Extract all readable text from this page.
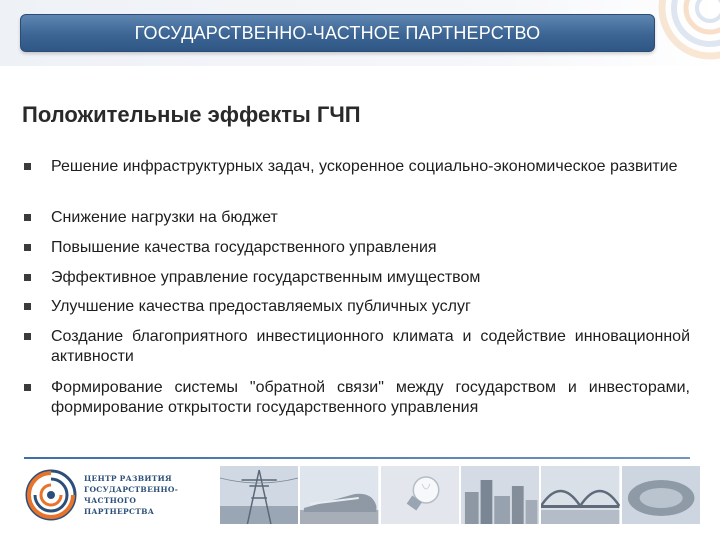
ГОСУДАРСТВЕННО-ЧАСТНОЕ ПАРТНЕРСТВО
Положительные эффекты ГЧП
Решение инфраструктурных задач, ускоренное социально-экономическое развитие
Снижение нагрузки на бюджет
Повышение качества государственного управления
Эффективное управление государственным имуществом
Улучшение качества предоставляемых публичных услуг
Создание благоприятного инвестиционного климата и содействие инновационной активности
Формирование системы "обратной связи" между государством и инвесторами, формирование открытости государственного управления
ЦЕНТР РАЗВИТИЯ
ГОСУДАРСТВЕННО-ЧАСТНОГО
ПАРТНЕРСТВА
